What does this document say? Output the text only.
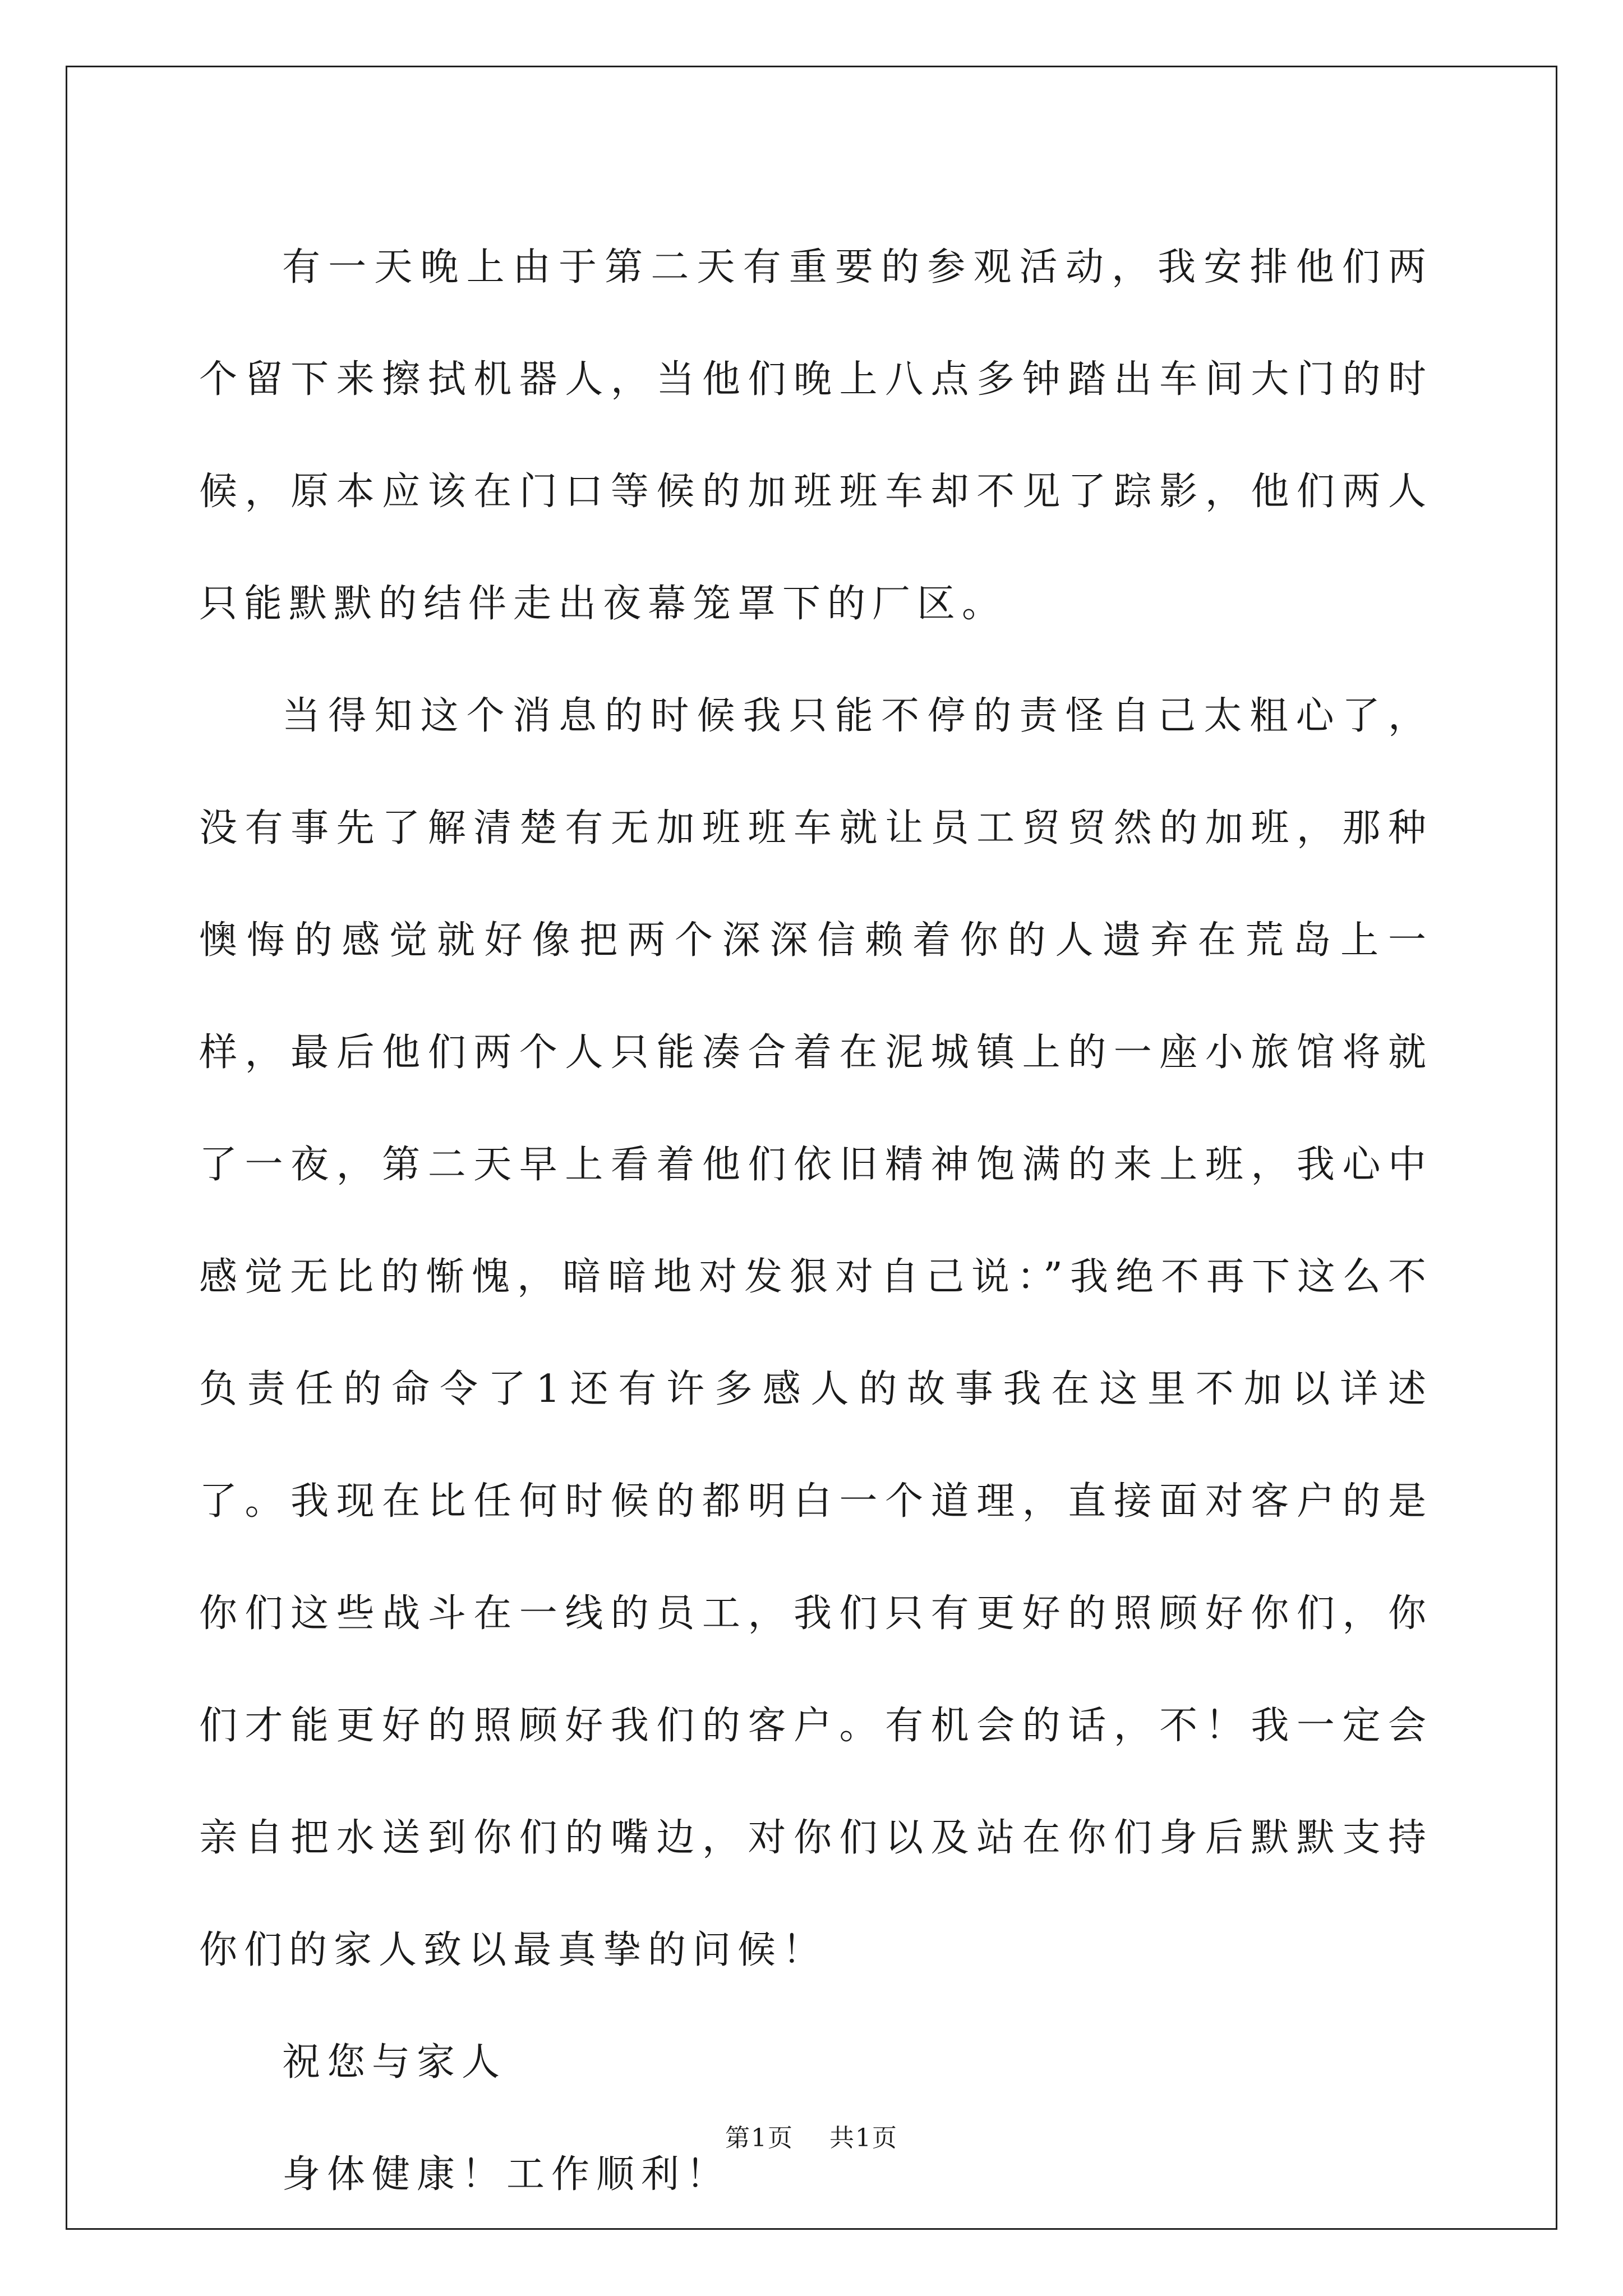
有一天晚上由于第二天有重要的参观活动，我安排他们两个留下来擦拭机器人，当他们晚上八点多钟踏出车间大门的时候，原本应该在门口等候的加班班车却不见了踪影，他们两人只能默默的结伴走出夜幕笼罩下的厂区。

当得知这个消息的时候我只能不停的责怪自己太粗心了，没有事先了解清楚有无加班班车就让员工贸贸然的加班，那种懊悔的感觉就好像把两个深深信赖着你的人遗弃在荒岛上一样，最后他们两个人只能凑合着在泥城镇上的一座小旅馆将就了一夜，第二天早上看着他们依旧精神饱满的来上班，我心中感觉无比的惭愧，暗暗地对发狠对自己说：”我绝不再下这么不负责任的命令了1还有许多感人的故事我在这里不加以详述了。我现在比任何时候的都明白一个道理，直接面对客户的是你们这些战斗在一线的员工，我们只有更好的照顾好你们，你们才能更好的照顾好我们的客户。有机会的话，不！我一定会亲自把水送到你们的嘴边，对你们以及站在你们身后默默支持你们的家人致以最真挚的问候！

祝您与家人

身体健康！工作顺利！

第1页 共1页
